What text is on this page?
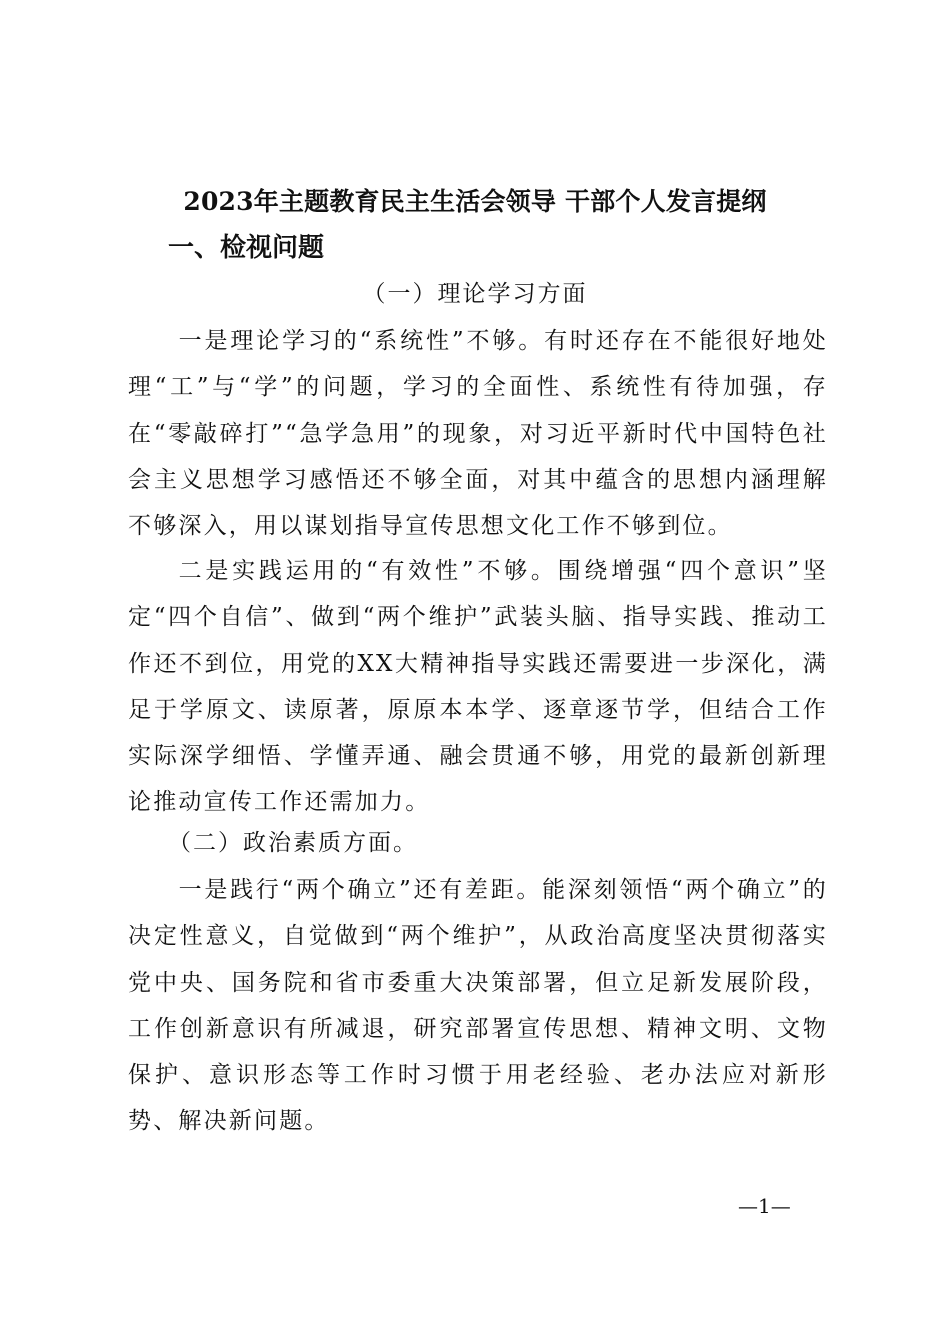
2023年主题教育民主生活会领导 干部个人发言提纲
一、检视问题
（一）理论学习方面
一是理论学习的“系统性”不够。有时还存在不能很好地处理“工”与“学”的问题，学习的全面性、系统性有待加强，存在“零敲碎打”“急学急用”的现象，对习近平新时代中国特色社会主义思想学习感悟还不够全面，对其中蕴含的思想内涵理解不够深入，用以谋划指导宣传思想文化工作不够到位。
二是实践运用的“有效性”不够。围绕增强“四个意识”坚定“四个自信”、做到“两个维护”武装头脑、指导实践、推动工作还不到位，用党的XX大精神指导实践还需要进一步深化，满足于学原文、读原著，原原本本学、逐章逐节学，但结合工作实际深学细悟、学懂弄通、融会贯通不够，用党的最新创新理论推动宣传工作还需加力。
（二）政治素质方面。
一是践行“两个确立”还有差距。能深刻领悟“两个确立”的决定性意义，自觉做到“两个维护”，从政治高度坚决贯彻落实党中央、国务院和省市委重大决策部署，但立足新发展阶段，工作创新意识有所减退，研究部署宣传思想、精神文明、文物保护、意识形态等工作时习惯于用老经验、老办法应对新形势、解决新问题。
—1—
